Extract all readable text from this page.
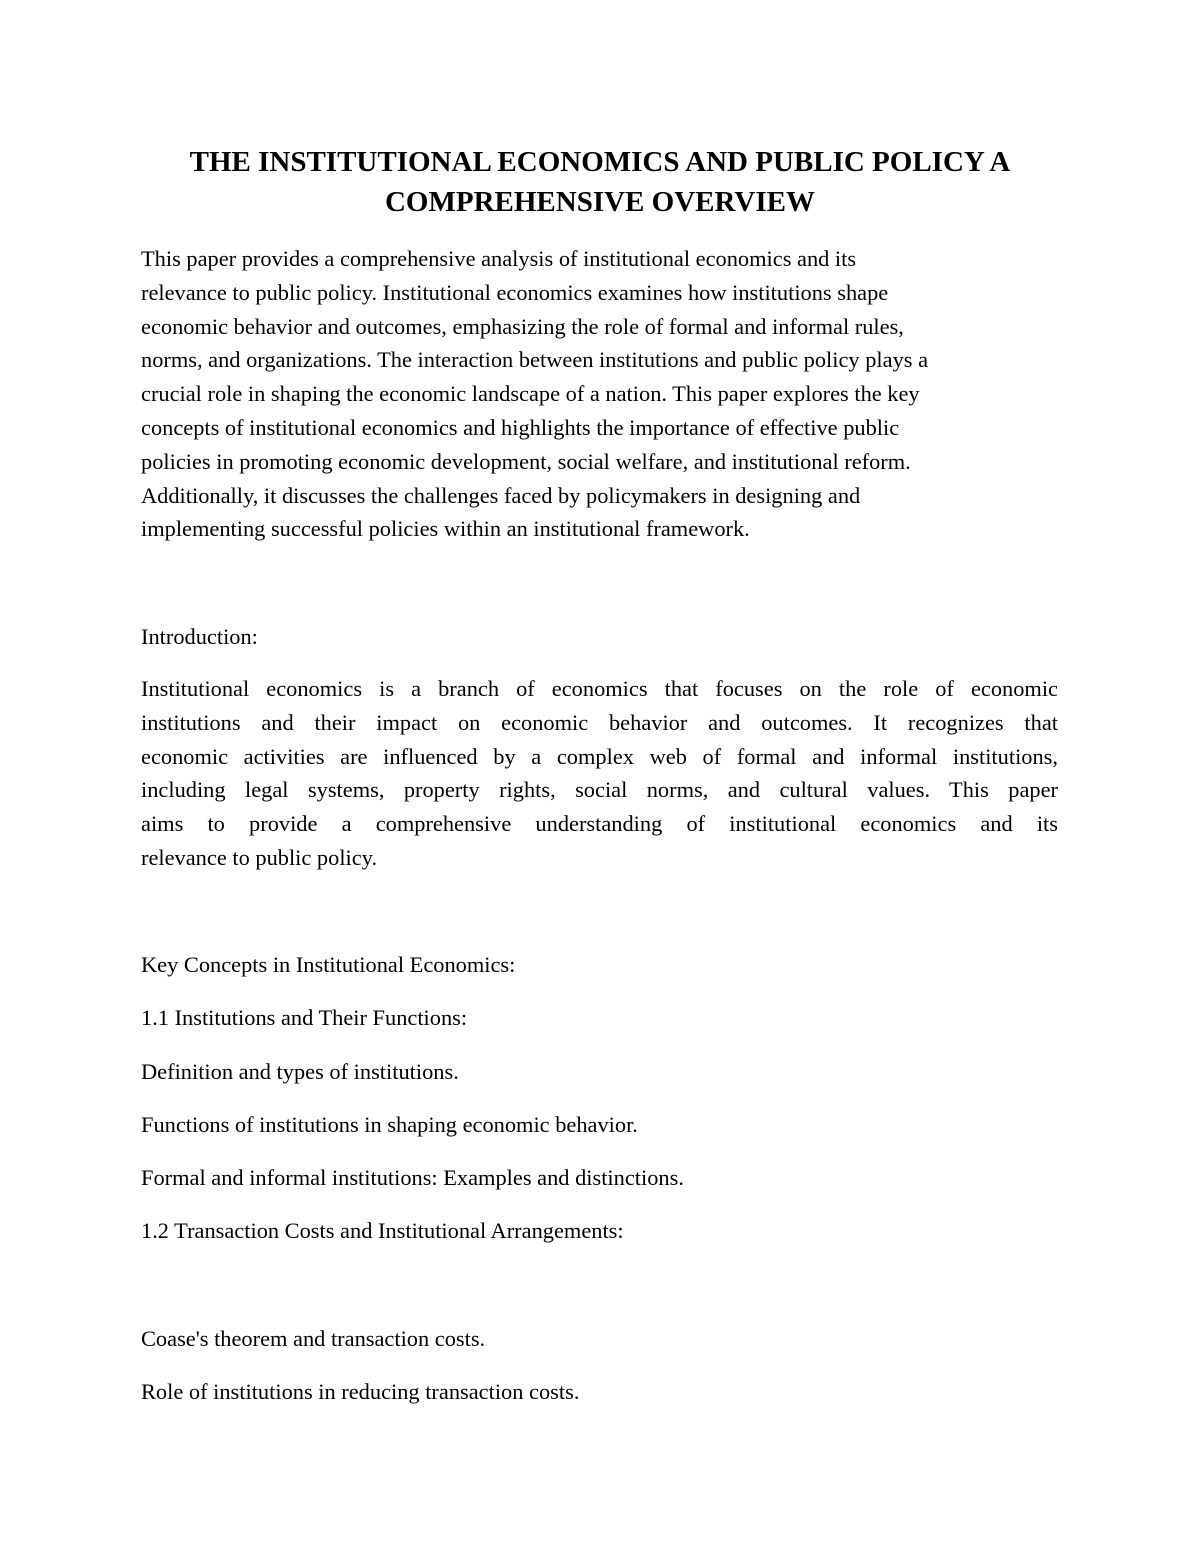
THE INSTITUTIONAL ECONOMICS AND PUBLIC POLICY A
COMPREHENSIVE OVERVIEW
This paper provides a comprehensive analysis of institutional economics and its
relevance to public policy. Institutional economics examines how institutions shape
economic behavior and outcomes, emphasizing the role of formal and informal rules,
norms, and organizations. The interaction between institutions and public policy plays a
crucial role in shaping the economic landscape of a nation. This paper explores the key
concepts of institutional economics and highlights the importance of effective public
policies in promoting economic development, social welfare, and institutional reform.
Additionally, it discusses the challenges faced by policymakers in designing and
implementing successful policies within an institutional framework.

Introduction:

Institutional economics is a branch of economics that focuses on the role of economic
institutions and their impact on economic behavior and outcomes. It recognizes that
economic activities are influenced by a complex web of formal and informal institutions,
including legal systems, property rights, social norms, and cultural values. This paper
aims to provide a comprehensive understanding of institutional economics and its
relevance to public policy.

Key Concepts in Institutional Economics:

1.1 Institutions and Their Functions:

Definition and types of institutions.

Functions of institutions in shaping economic behavior.

Formal and informal institutions: Examples and distinctions.

1.2 Transaction Costs and Institutional Arrangements:

Coase's theorem and transaction costs.

Role of institutions in reducing transaction costs.
